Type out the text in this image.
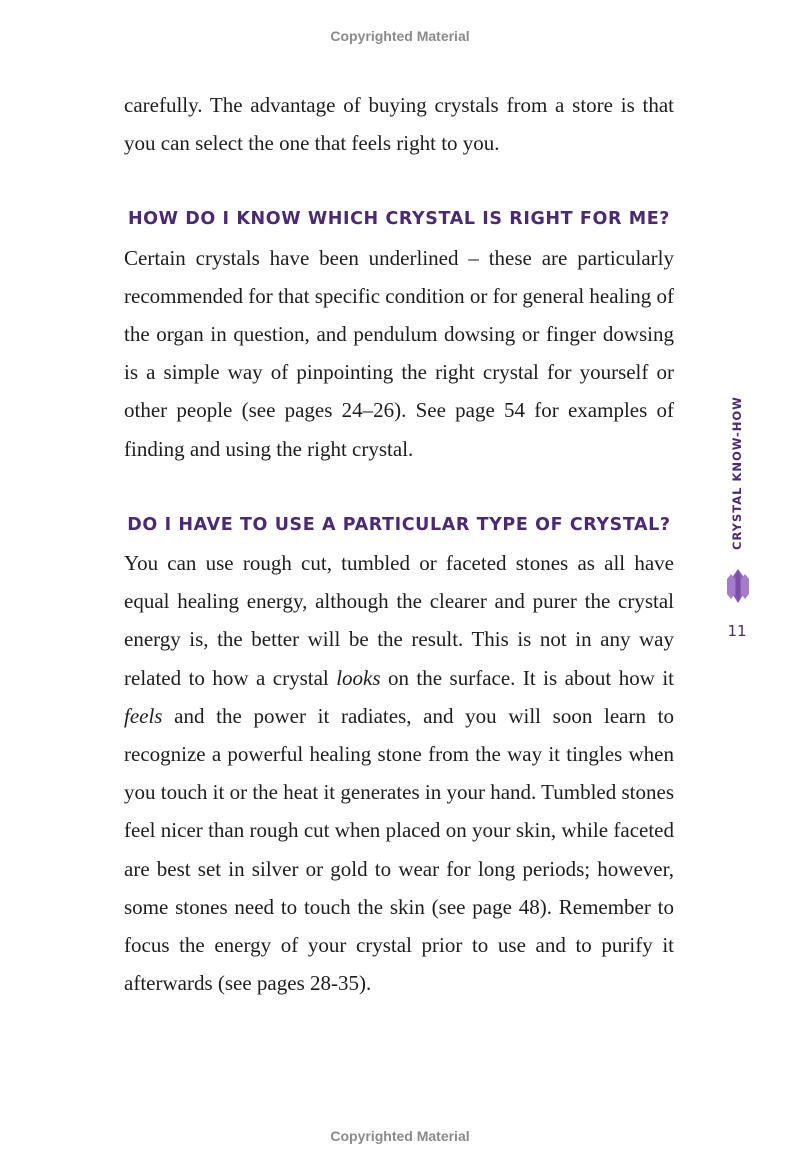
Copyrighted Material

carefully. The advantage of buying crystals from a store is that you can select the one that feels right to you.

HOW DO I KNOW WHICH CRYSTAL IS RIGHT FOR ME?

Certain crystals have been underlined – these are particularly recommended for that specific condition or for general healing of the organ in question, and pendulum dowsing or finger dowsing is a simple way of pinpointing the right crystal for yourself or other people (see pages 24–26). See page 54 for examples of finding and using the right crystal.

DO I HAVE TO USE A PARTICULAR TYPE OF CRYSTAL?

You can use rough cut, tumbled or faceted stones as all have equal healing energy, although the clearer and purer the crystal energy is, the better will be the result. This is not in any way related to how a crystal looks on the surface. It is about how it feels and the power it radiates, and you will soon learn to recognize a powerful healing stone from the way it tingles when you touch it or the heat it generates in your hand. Tumbled stones feel nicer than rough cut when placed on your skin, while faceted are best set in silver or gold to wear for long periods; however, some stones need to touch the skin (see page 48). Remember to focus the energy of your crystal prior to use and to purify it afterwards (see pages 28-35).

CRYSTAL KNOW-HOW
11
Copyrighted Material
